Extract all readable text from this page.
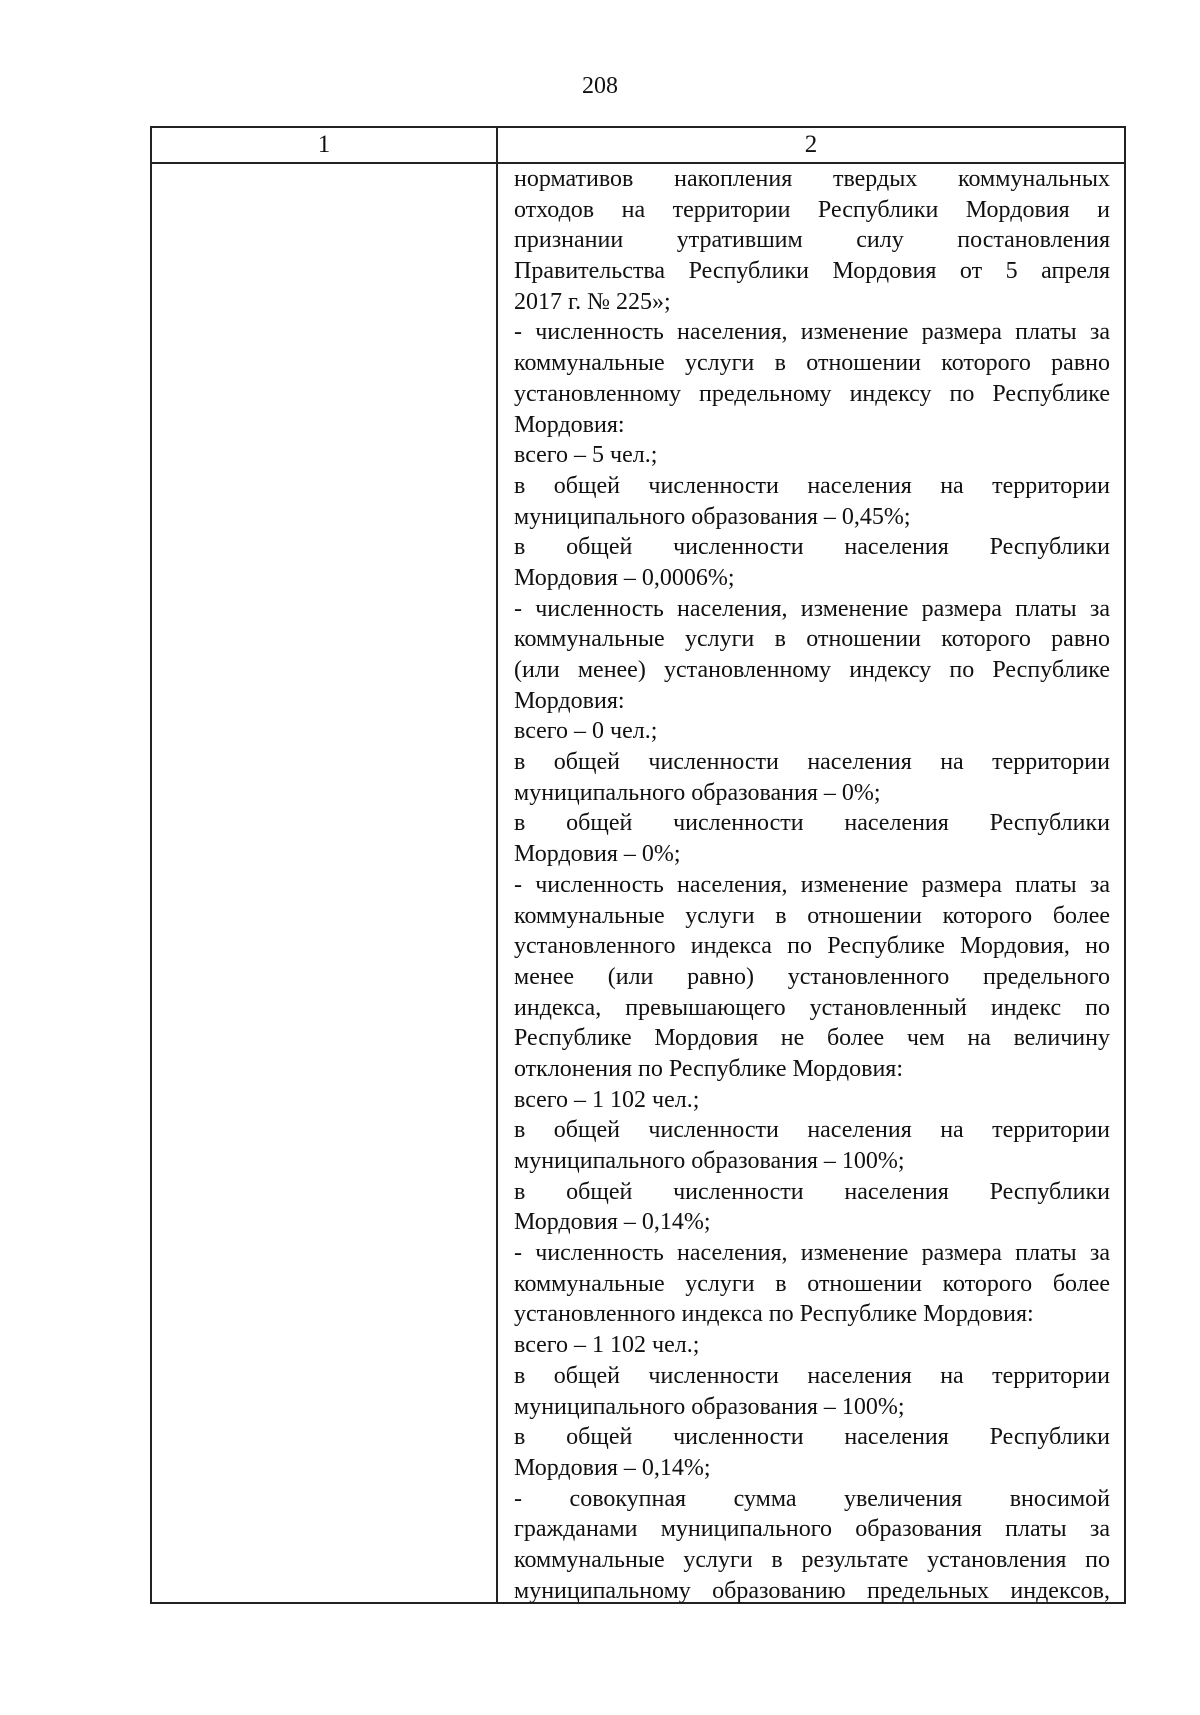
208
1	2
нормативов накопления твердых коммунальных
отходов на территории Республики Мордовия и
признании утратившим силу постановления
Правительства Республики Мордовия от 5 апреля
2017 г. № 225»;
- численность населения, изменение размера платы за
коммунальные услуги в отношении которого равно
установленному предельному индексу по Республике
Мордовия:
всего – 5 чел.;
в общей численности населения на территории
муниципального образования – 0,45%;
в общей численности населения Республики
Мордовия – 0,0006%;
- численность населения, изменение размера платы за
коммунальные услуги в отношении которого равно
(или менее) установленному индексу по Республике
Мордовия:
всего – 0 чел.;
в общей численности населения на территории
муниципального образования – 0%;
в общей численности населения Республики
Мордовия – 0%;
- численность населения, изменение размера платы за
коммунальные услуги в отношении которого более
установленного индекса по Республике Мордовия, но
менее (или равно) установленного предельного
индекса, превышающего установленный индекс по
Республике Мордовия не более чем на величину
отклонения по Республике Мордовия:
всего – 1 102 чел.;
в общей численности населения на территории
муниципального образования – 100%;
в общей численности населения Республики
Мордовия – 0,14%;
- численность населения, изменение размера платы за
коммунальные услуги в отношении которого более
установленного индекса по Республике Мордовия:
всего – 1 102 чел.;
в общей численности населения на территории
муниципального образования – 100%;
в общей численности населения Республики
Мордовия – 0,14%;
- совокупная сумма увеличения вносимой
гражданами муниципального образования платы за
коммунальные услуги в результате установления по
муниципальному образованию предельных индексов,
